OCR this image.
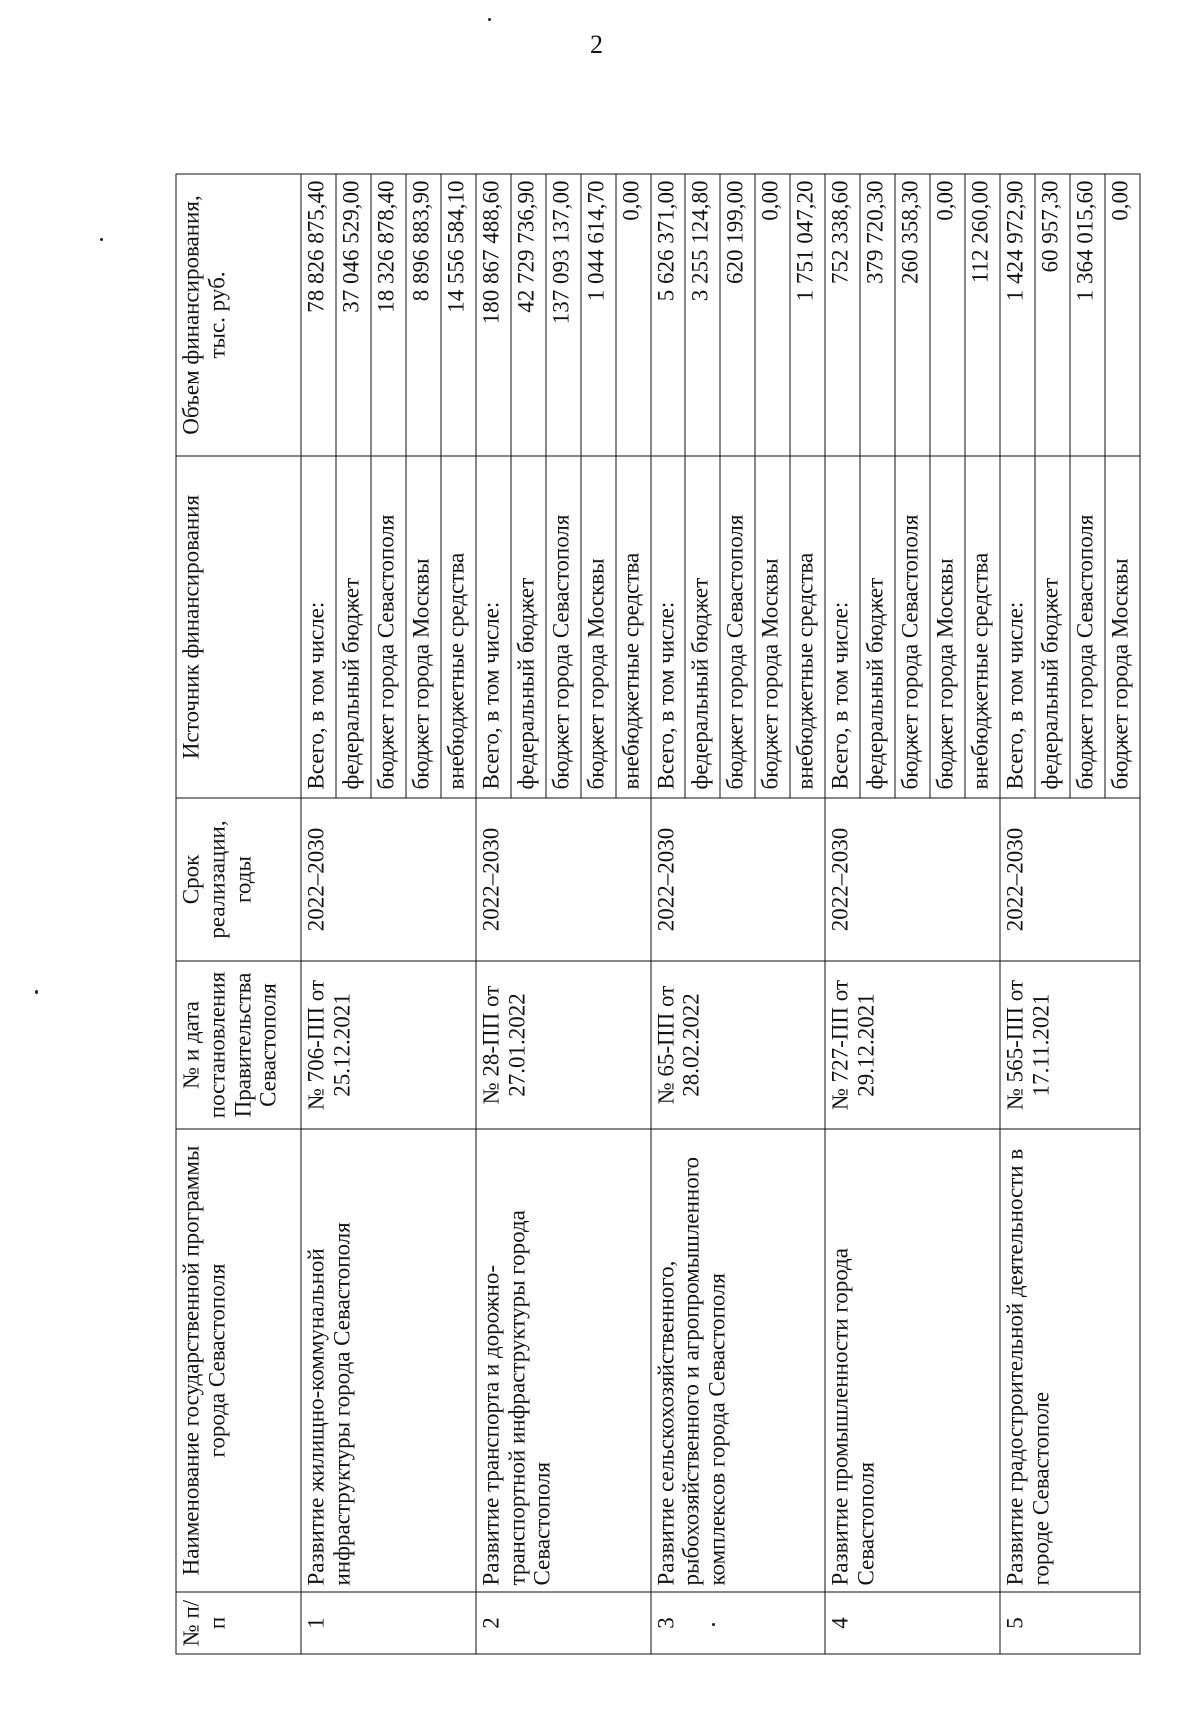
2
№ п/п	Наименование государственной программы города Севастополя	№ и дата постановления Правительства Севастополя	Срок реализации, годы	Источник финансирования	Объем финансирования, тыс. руб.
1	Развитие жилищно-коммунальной инфраструктуры города Севастополя	№ 706-ПП от 25.12.2021	2022–2030	Всего, в том числе:	78 826 875,40
				федеральный бюджет	37 046 529,00
				бюджет города Севастополя	18 326 878,40
				бюджет города Москвы	8 896 883,90
				внебюджетные средства	14 556 584,10
2	Развитие транспорта и дорожно-транспортной инфраструктуры города Севастополя	№ 28-ПП от 27.01.2022	2022–2030	Всего, в том числе:	180 867 488,60
				федеральный бюджет	42 729 736,90
				бюджет города Севастополя	137 093 137,00
				бюджет города Москвы	1 044 614,70
				внебюджетные средства	0,00
3	Развитие сельскохозяйственного, рыбохозяйственного и агропромышленного комплексов города Севастополя	№ 65-ПП от 28.02.2022	2022–2030	Всего, в том числе:	5 626 371,00
				федеральный бюджет	3 255 124,80
				бюджет города Севастополя	620 199,00
				бюджет города Москвы	0,00
				внебюджетные средства	1 751 047,20
4	Развитие промышленности города Севастополя	№ 727-ПП от 29.12.2021	2022–2030	Всего, в том числе:	752 338,60
				федеральный бюджет	379 720,30
				бюджет города Севастополя	260 358,30
				бюджет города Москвы	0,00
				внебюджетные средства	112 260,00
5	Развитие градостроительной деятельности в городе Севастополе	№ 565-ПП от 17.11.2021	2022–2030	Всего, в том числе:	1 424 972,90
				федеральный бюджет	60 957,30
				бюджет города Севастополя	1 364 015,60
				бюджет города Москвы	0,00
